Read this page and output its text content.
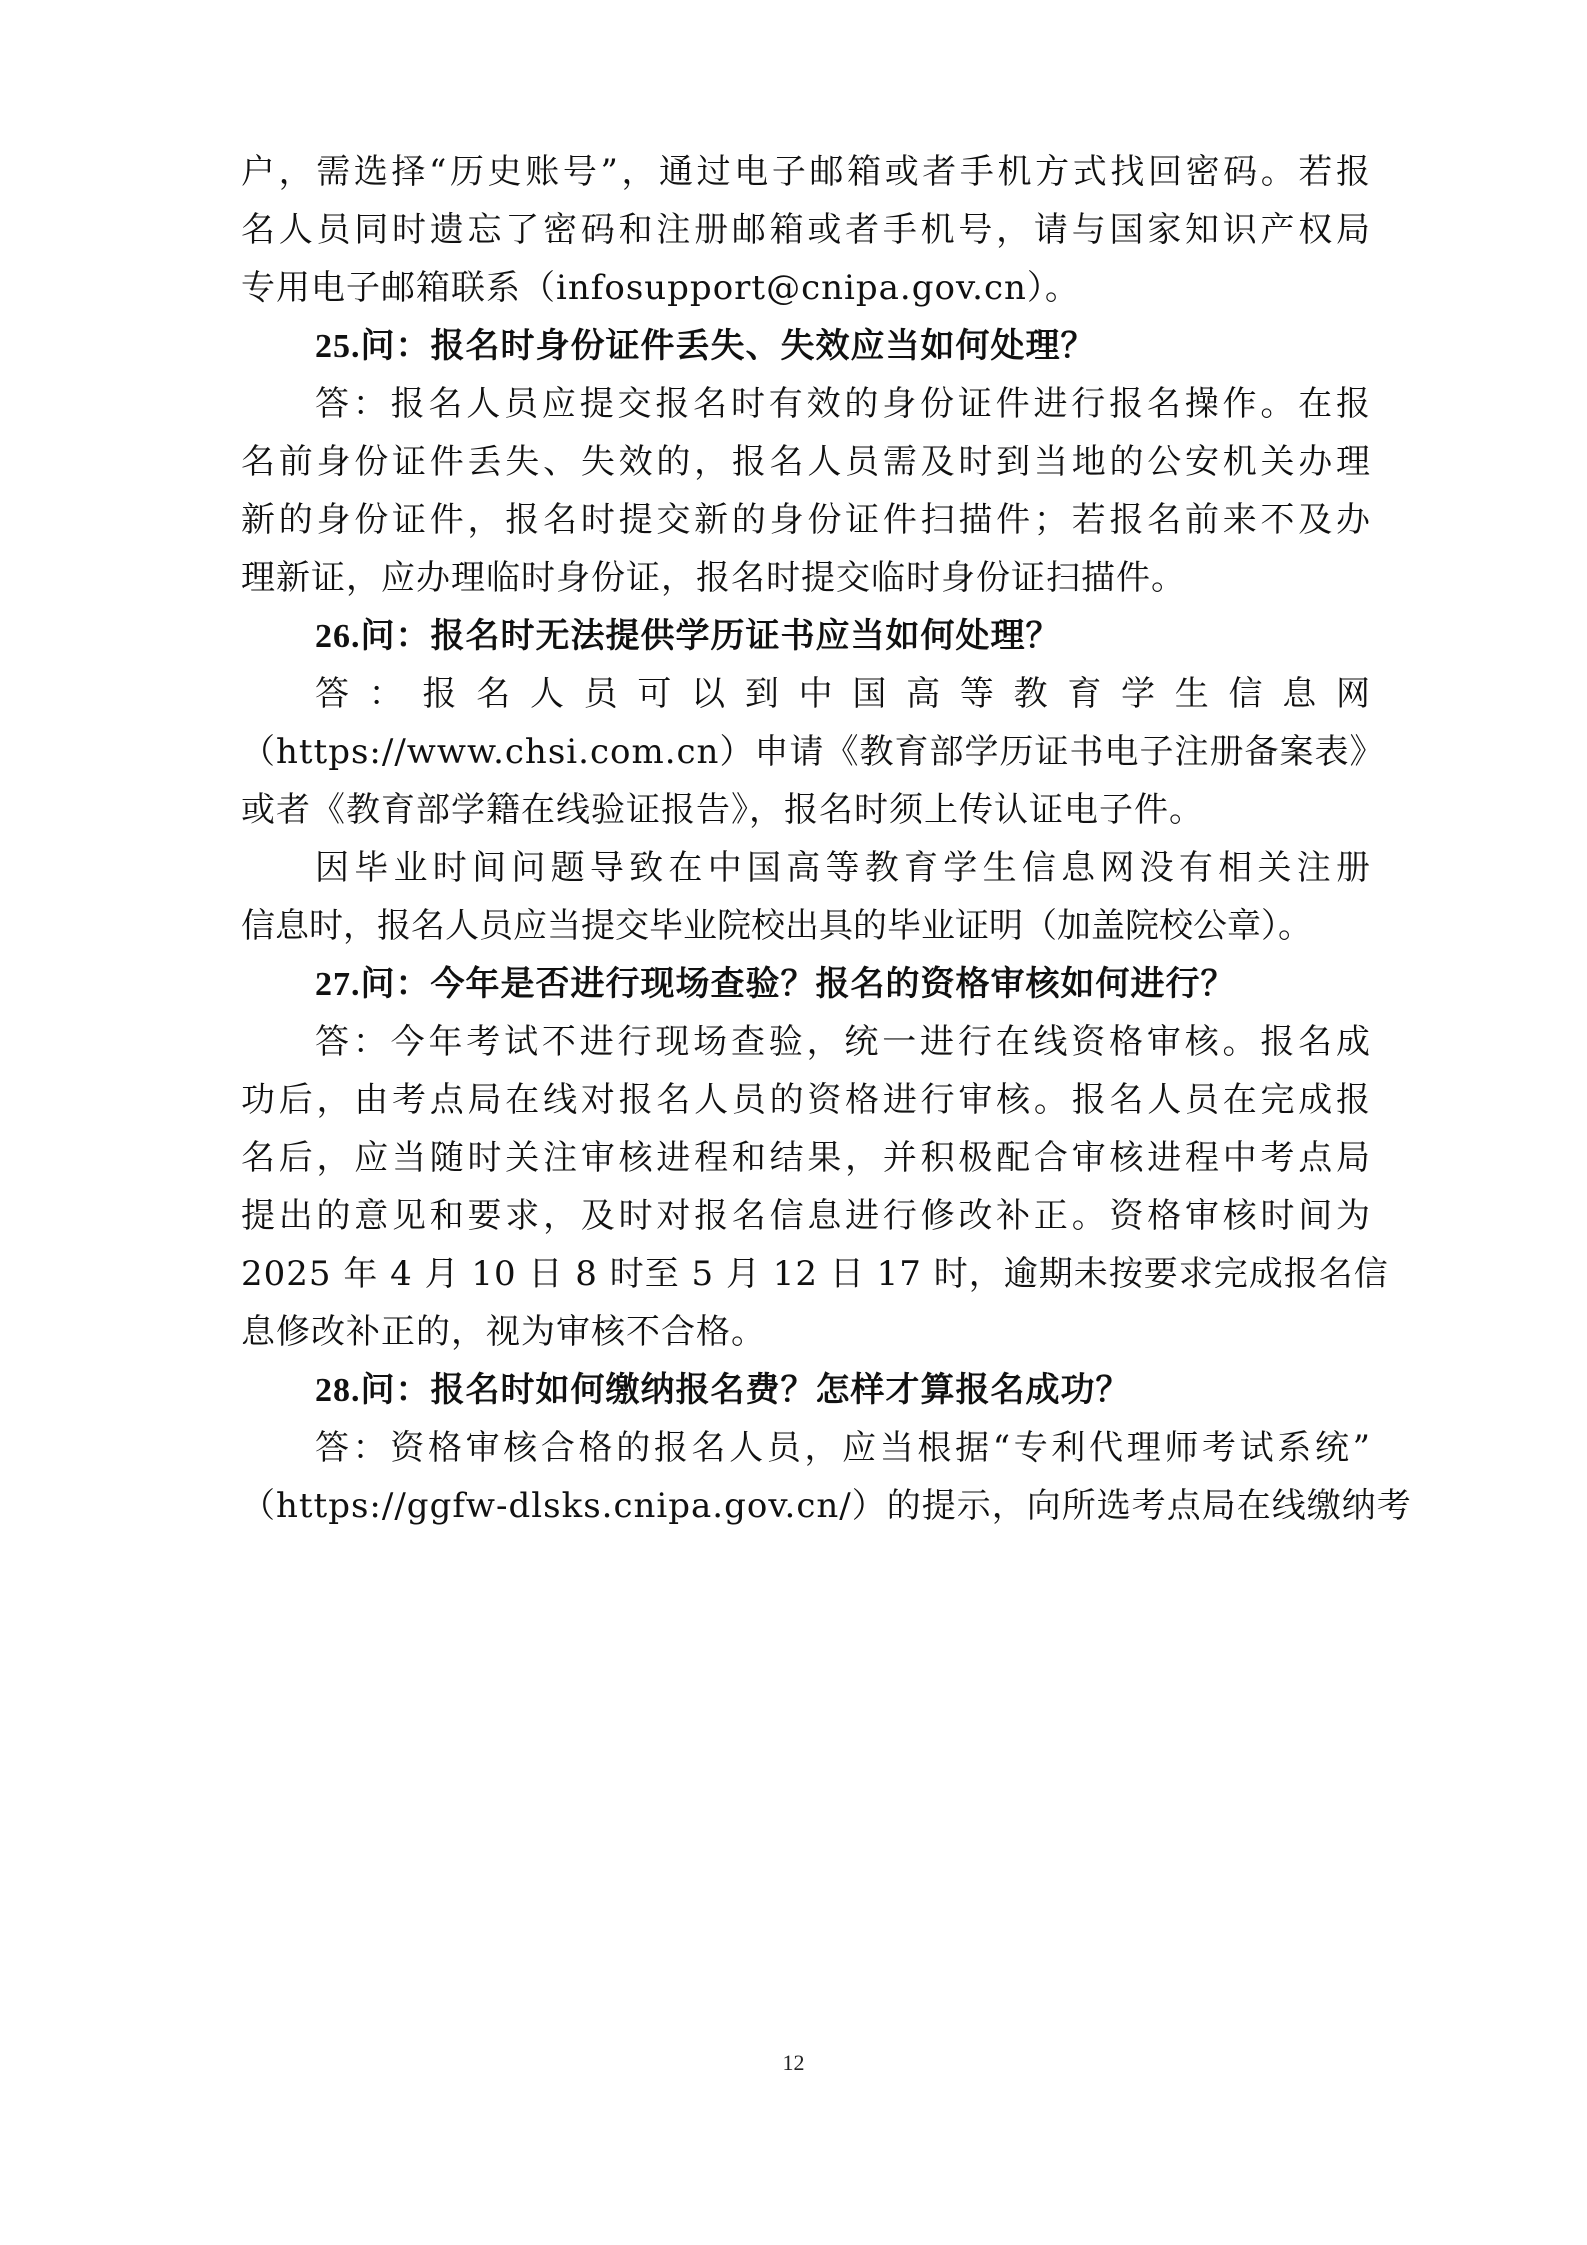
户，需选择“历史账号”，通过电子邮箱或者手机方式找回密码。若报
名人员同时遗忘了密码和注册邮箱或者手机号，请与国家知识产权局
专用电子邮箱联系（infosupport@cnipa.gov.cn）。
25.问：报名时身份证件丢失、失效应当如何处理？
答：报名人员应提交报名时有效的身份证件进行报名操作。在报
名前身份证件丢失、失效的，报名人员需及时到当地的公安机关办理
新的身份证件，报名时提交新的身份证件扫描件；若报名前来不及办
理新证，应办理临时身份证，报名时提交临时身份证扫描件。
26.问：报名时无法提供学历证书应当如何处理？
答：报名人员可以到中国高等教育学生信息网
（https://www.chsi.com.cn）申请《教育部学历证书电子注册备案表》
或者《教育部学籍在线验证报告》，报名时须上传认证电子件。
因毕业时间问题导致在中国高等教育学生信息网没有相关注册
信息时，报名人员应当提交毕业院校出具的毕业证明（加盖院校公章）。
27.问：今年是否进行现场查验？报名的资格审核如何进行？
答：今年考试不进行现场查验，统一进行在线资格审核。报名成
功后，由考点局在线对报名人员的资格进行审核。报名人员在完成报
名后，应当随时关注审核进程和结果，并积极配合审核进程中考点局
提出的意见和要求，及时对报名信息进行修改补正。资格审核时间为
2025 年 4 月 10 日 8 时至 5 月 12 日 17 时，逾期未按要求完成报名信
息修改补正的，视为审核不合格。
28.问：报名时如何缴纳报名费？怎样才算报名成功？
答：资格审核合格的报名人员，应当根据“专利代理师考试系统”
（https://ggfw-dlsks.cnipa.gov.cn/）的提示，向所选考点局在线缴纳考
12
